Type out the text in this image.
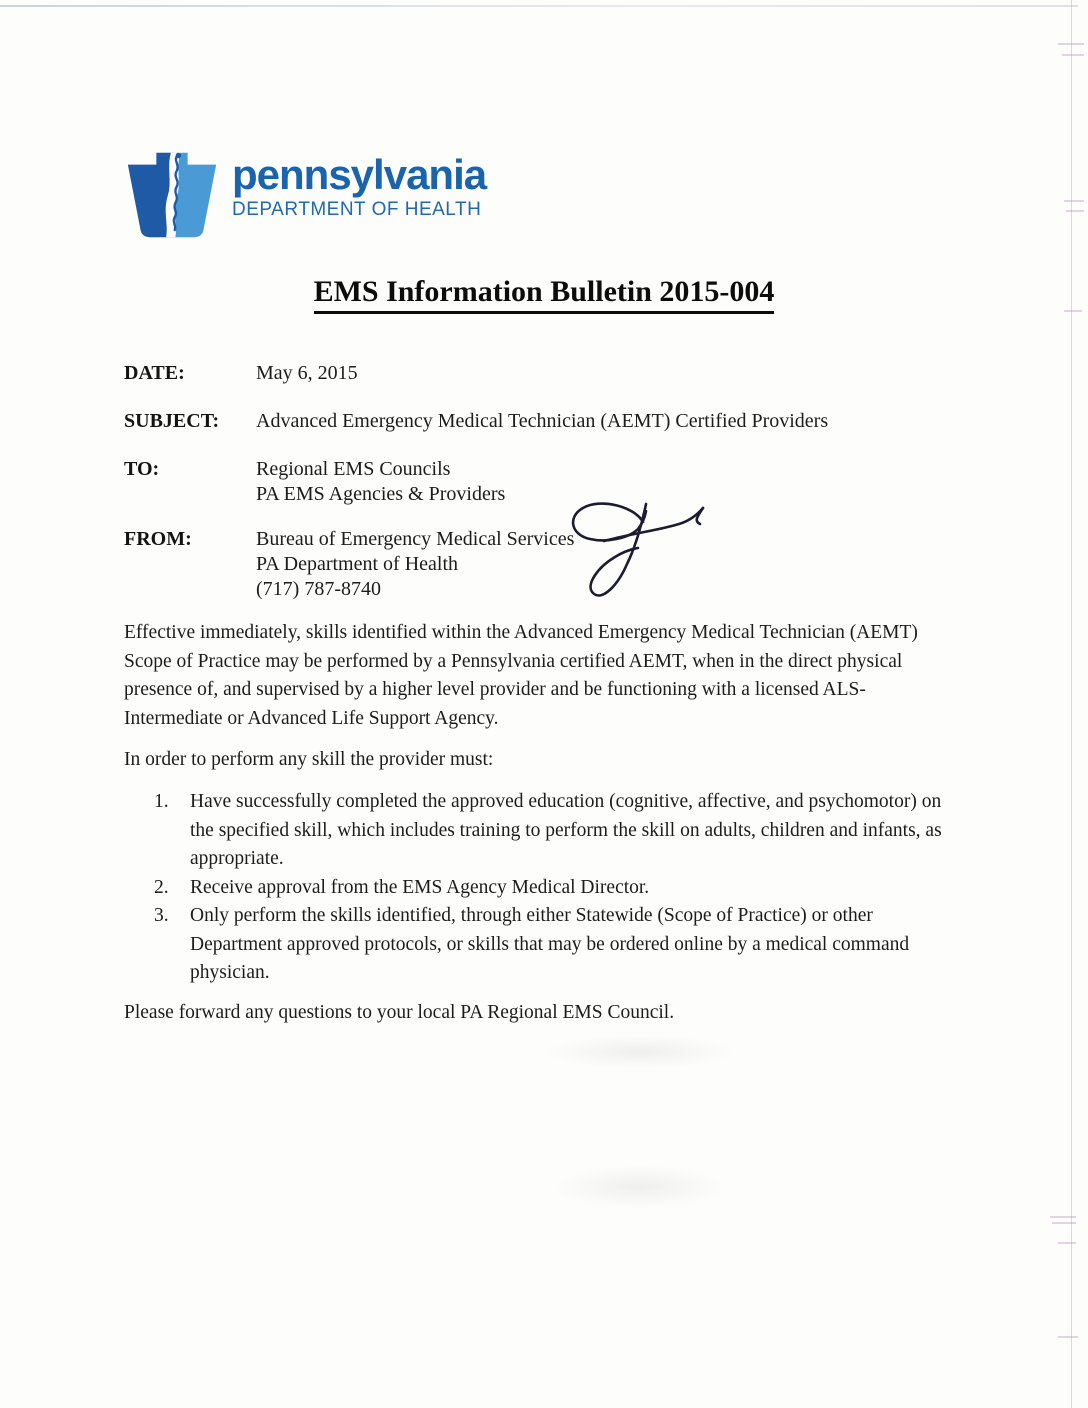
pennsylvania
DEPARTMENT OF HEALTH
EMS Information Bulletin 2015-004
DATE:	May 6, 2015
SUBJECT:	Advanced Emergency Medical Technician (AEMT) Certified Providers
TO:	Regional EMS Councils
PA EMS Agencies & Providers
FROM:	Bureau of Emergency Medical Services
PA Department of Health
(717) 787-8740
Effective immediately, skills identified within the Advanced Emergency Medical Technician (AEMT) Scope of Practice may be performed by a Pennsylvania certified AEMT, when in the direct physical presence of, and supervised by a higher level provider and be functioning with a licensed ALS-Intermediate or Advanced Life Support Agency.
In order to perform any skill the provider must:
1.	Have successfully completed the approved education (cognitive, affective, and psychomotor) on the specified skill, which includes training to perform the skill on adults, children and infants, as appropriate.
2.	Receive approval from the EMS Agency Medical Director.
3.	Only perform the skills identified, through either Statewide (Scope of Practice) or other Department approved protocols, or skills that may be ordered online by a medical command physician.
Please forward any questions to your local PA Regional EMS Council.
